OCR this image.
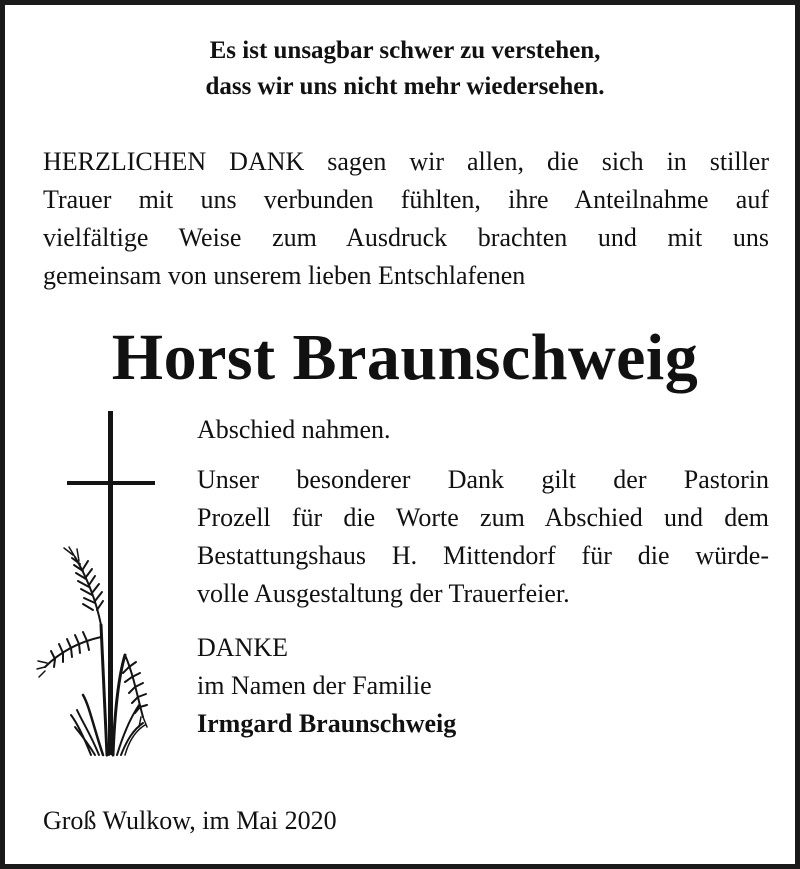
Es ist unsagbar schwer zu verstehen,
dass wir uns nicht mehr wiedersehen.
HERZLICHEN DANK sagen wir allen, die sich in stiller
Trauer mit uns verbunden fühlten, ihre Anteilnahme auf
vielfältige Weise zum Ausdruck brachten und mit uns
gemeinsam von unserem lieben Entschlafenen
Horst Braunschweig
Abschied nahmen.
Unser besonderer Dank gilt der Pastorin
Prozell für die Worte zum Abschied und dem
Bestattungshaus H. Mittendorf für die würde-
volle Ausgestaltung der Trauerfeier.
DANKE
im Namen der Familie
Irmgard Braunschweig
Groß Wulkow, im Mai 2020
